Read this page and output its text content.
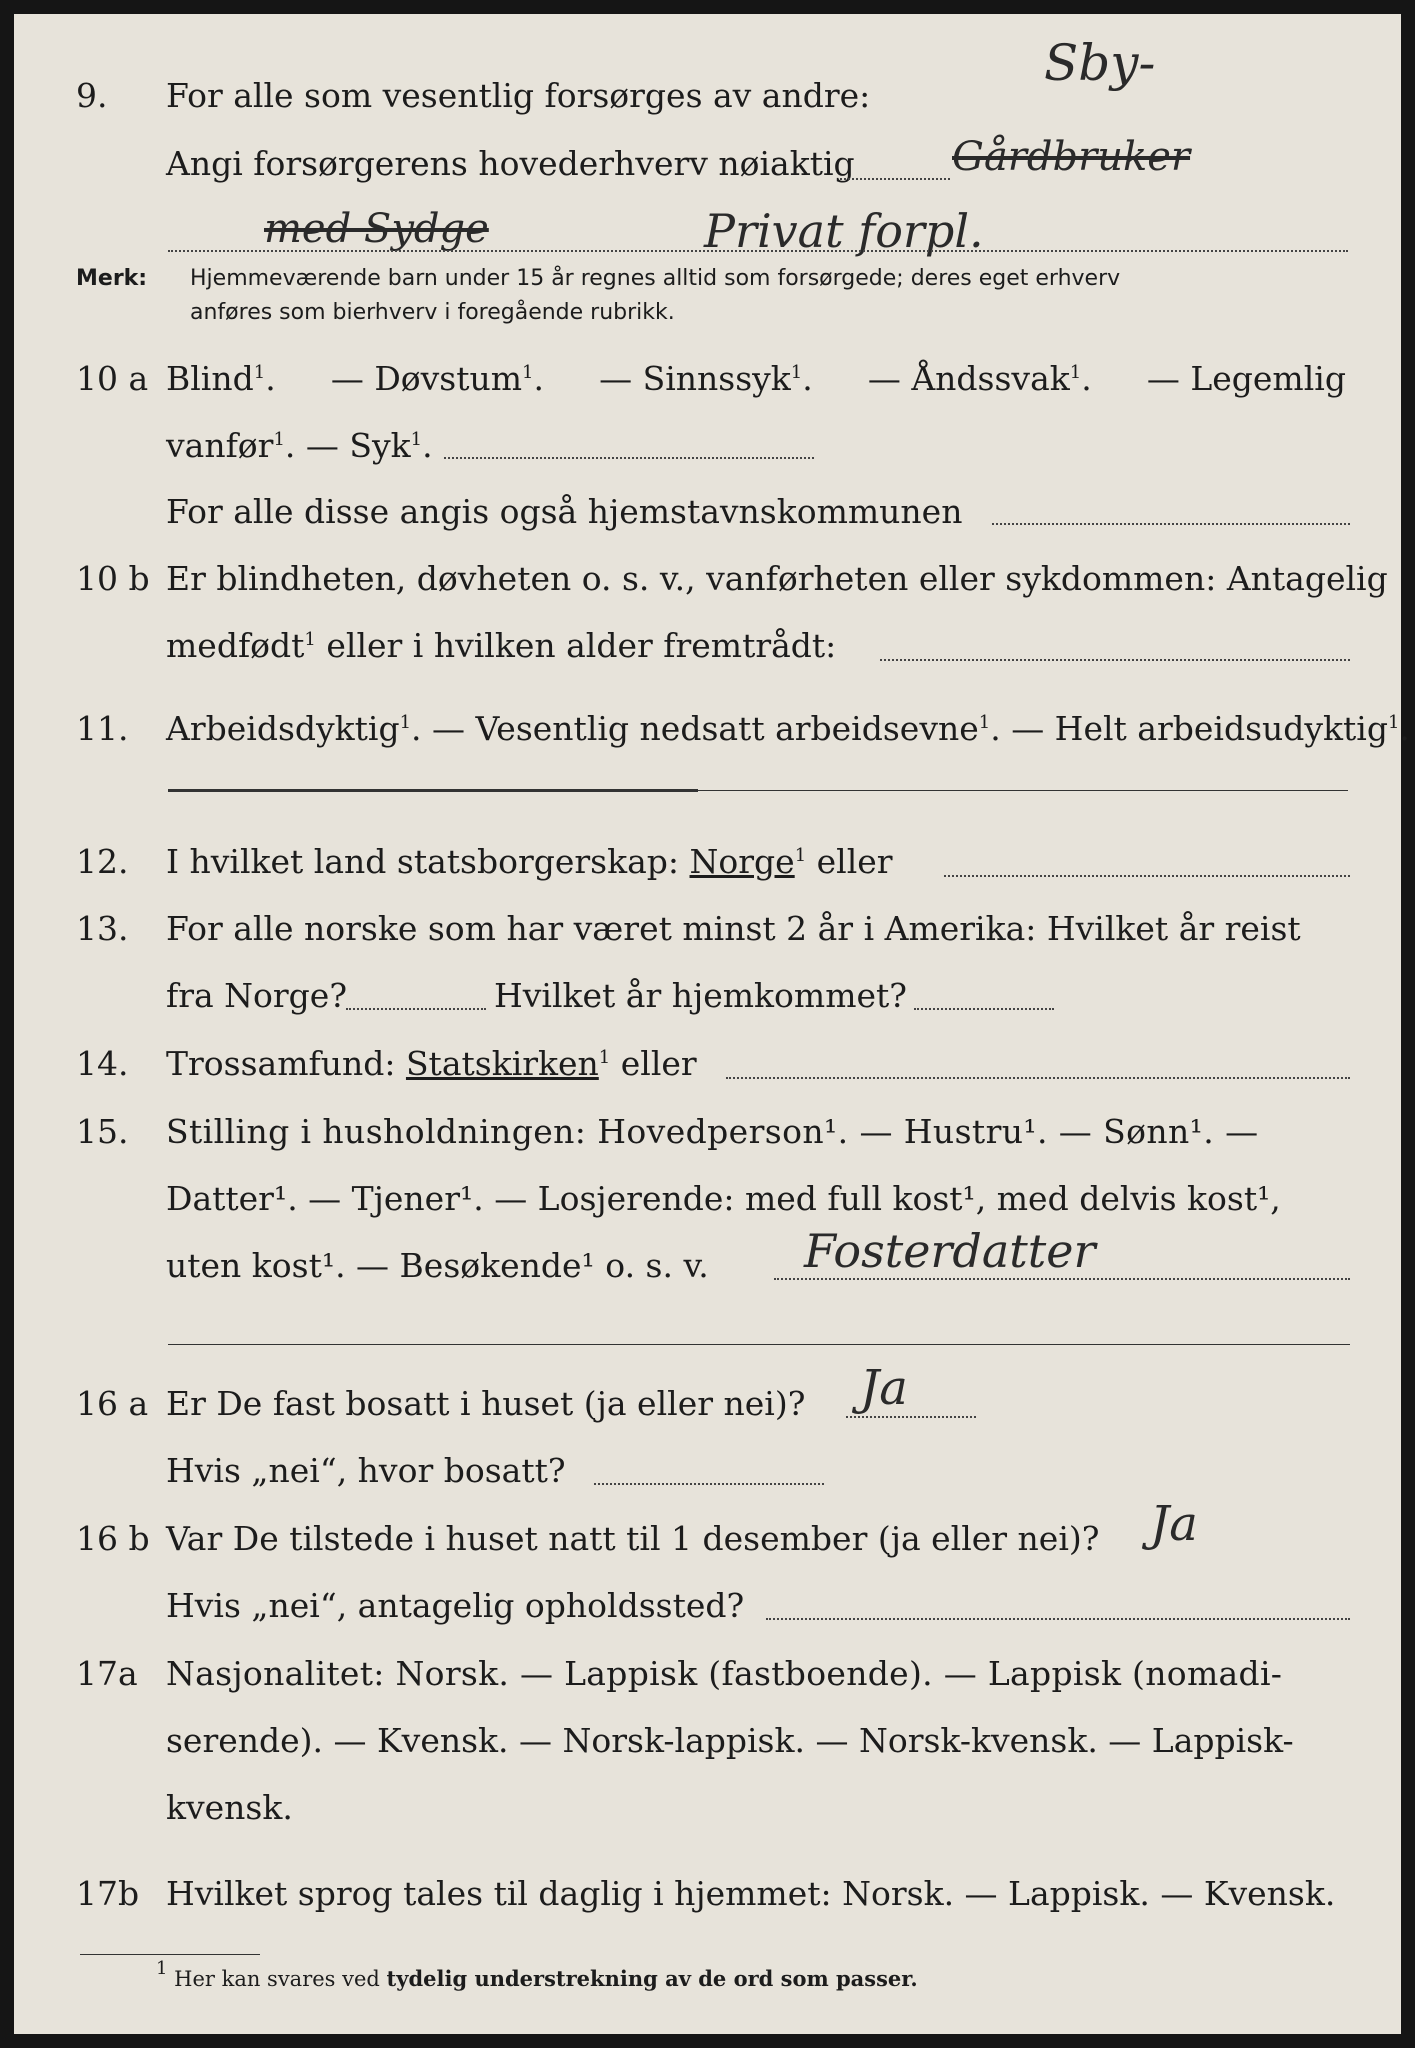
9. For alle som vesentlig forsørges av andre:
Sby-
Angi forsørgerens hovederhverv nøiaktig Gårdbruker
med Sydge	Privat forpl.
Merk: Hjemmeværende barn under 15 år regnes alltid som forsørgede; deres eget erhverv
anføres som bierhverv i foregående rubrikk.
10 a Blind$^1$. — Døvstum$^1$. — Sinnssyk$^1$. — Åndssvak$^1$. — Legemlig
vanfør$^1$. — Syk$^1$.
For alle disse angis også hjemstavnskommunen
10 b Er blindheten, døvheten o. s. v., vanførheten eller sykdommen: Antagelig
medfødt$^1$ eller i hvilken alder fremtrådt:
11. Arbeidsdyktig$^1$. — Vesentlig nedsatt arbeidsevne$^1$. — Helt arbeidsudyktig$^1$.
12. I hvilket land statsborgerskap: Norge$^1$ eller
13. For alle norske som har været minst 2 år i Amerika: Hvilket år reist
fra Norge?	Hvilket år hjemkommet?
14. Trossamfund: Statskirken$^1$ eller
15. Stilling i husholdningen: Hovedperson¹. — Hustru¹. — Sønn¹. —
Datter¹. — Tjener¹. — Losjerende: med full kost¹, med delvis kost¹,
uten kost¹. — Besøkende¹ o. s. v. Fosterdatter
16 a Er De fast bosatt i huset (ja eller nei)? Ja
Hvis „nei“, hvor bosatt?
16 b Var De tilstede i huset natt til 1 desember (ja eller nei)? Ja
Hvis „nei“, antagelig opholdssted?
17a Nasjonalitet: Norsk. — Lappisk (fastboende). — Lappisk (nomadi-
serende). — Kvensk. — Norsk-lappisk. — Norsk-kvensk. — Lappisk-
kvensk.
17b Hvilket sprog tales til daglig i hjemmet: Norsk. — Lappisk. — Kvensk.
$^1$ Her kan svares ved tydelig understrekning av de ord som passer.
